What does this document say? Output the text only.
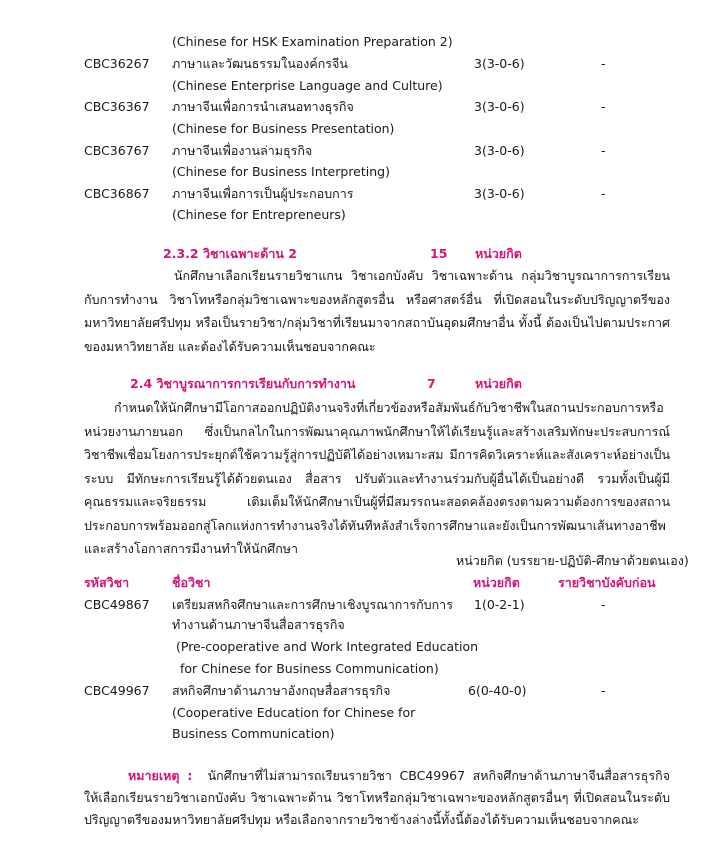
(Chinese for HSK Examination Preparation 2)
CBC36267 ภาษาและวัฒนธรรมในองค์กรจีน	3(3-0-6)	-
(Chinese Enterprise Language and Culture)
CBC36367 ภาษาจีนเพื่อการนำเสนอทางธุรกิจ	3(3-0-6)	-
(Chinese for Business Presentation)
CBC36767 ภาษาจีนเพื่องานล่ามธุรกิจ	3(3-0-6)	-
(Chinese for Business Interpreting)
CBC36867 ภาษาจีนเพื่อการเป็นผู้ประกอบการ	3(3-0-6)	-
(Chinese for Entrepreneurs)
2.3.2 วิชาเฉพาะด้าน 2	15 หน่วยกิต
นักศึกษาเลือกเรียนรายวิชาแกน วิชาเอกบังคับ วิชาเฉพาะด้าน กลุ่มวิชาบูรณาการการเรียนกับการทำงาน วิชาโทหรือกลุ่มวิชาเฉพาะของหลักสูตรอื่น หรือศาสตร์อื่น ที่เปิดสอนในระดับปริญญาตรีของมหาวิทยาลัยศรีปทุม หรือเป็นรายวิชา/กลุ่มวิชาที่เรียนมาจากสถาบันอุดมศึกษาอื่น ทั้งนี้ ต้องเป็นไปตามประกาศของมหาวิทยาลัย และต้องได้รับความเห็นชอบจากคณะ
2.4 วิชาบูรณาการการเรียนกับการทำงาน	7	หน่วยกิต
กำหนดให้นักศึกษามีโอกาสออกปฏิบัติงานจริงที่เกี่ยวข้องหรือสัมพันธ์กับวิชาชีพในสถานประกอบการหรือหน่วยงานภายนอก ซึ่งเป็นกลไกในการพัฒนาคุณภาพนักศึกษาให้ได้เรียนรู้และสร้างเสริมทักษะประสบการณ์วิชาชีพเชื่อมโยงการประยุกต์ใช้ความรู้สู่การปฏิบัติได้อย่างเหมาะสม มีการคิดวิเคราะห์และสังเคราะห์อย่างเป็นระบบ มีทักษะการเรียนรู้ได้ด้วยตนเอง สื่อสาร ปรับตัวและทำงานร่วมกับผู้อื่นได้เป็นอย่างดี รวมทั้งเป็นผู้มีคุณธรรมและจริยธรรม เติมเต็มให้นักศึกษาเป็นผู้ที่มีสมรรถนะสอดคล้องตรงตามความต้องการของสถานประกอบการพร้อมออกสู่โลกแห่งการทำงานจริงได้ทันทีหลังสำเร็จการศึกษาและยังเป็นการพัฒนาเส้นทางอาชีพและสร้างโอกาสการมีงานทำให้นักศึกษา
หน่วยกิต (บรรยาย-ปฏิบัติ-ศึกษาด้วยตนเอง)
รหัสวิชา	ชื่อวิชา	หน่วยกิต	รายวิชาบังคับก่อน
CBC49867 เตรียมสหกิจศึกษาและการศึกษาเชิงบูรณาการกับการ
ทำงานด้านภาษาจีนสื่อสารธุรกิจ
(Pre-cooperative and Work Integrated Education
for Chinese for Business Communication)
1(0-2-1)	-
CBC49967 สหกิจศึกษาด้านภาษาอังกฤษสื่อสารธุรกิจ
(Cooperative Education for Chinese for
Business Communication)
6(0-40-0)	-
หมายเหตุ : นักศึกษาที่ไม่สามารถเรียนรายวิชา CBC49967 สหกิจศึกษาด้านภาษาจีนสื่อสารธุรกิจ ให้เลือกเรียนรายวิชาเอกบังคับ วิชาเฉพาะด้าน วิชาโทหรือกลุ่มวิชาเฉพาะของหลักสูตรอื่นๆ ที่เปิดสอนในระดับปริญญาตรีของมหาวิทยาลัยศรีปทุม หรือเลือกจากรายวิชาข้างล่างนี้ทั้งนี้ต้องได้รับความเห็นชอบจากคณะ
